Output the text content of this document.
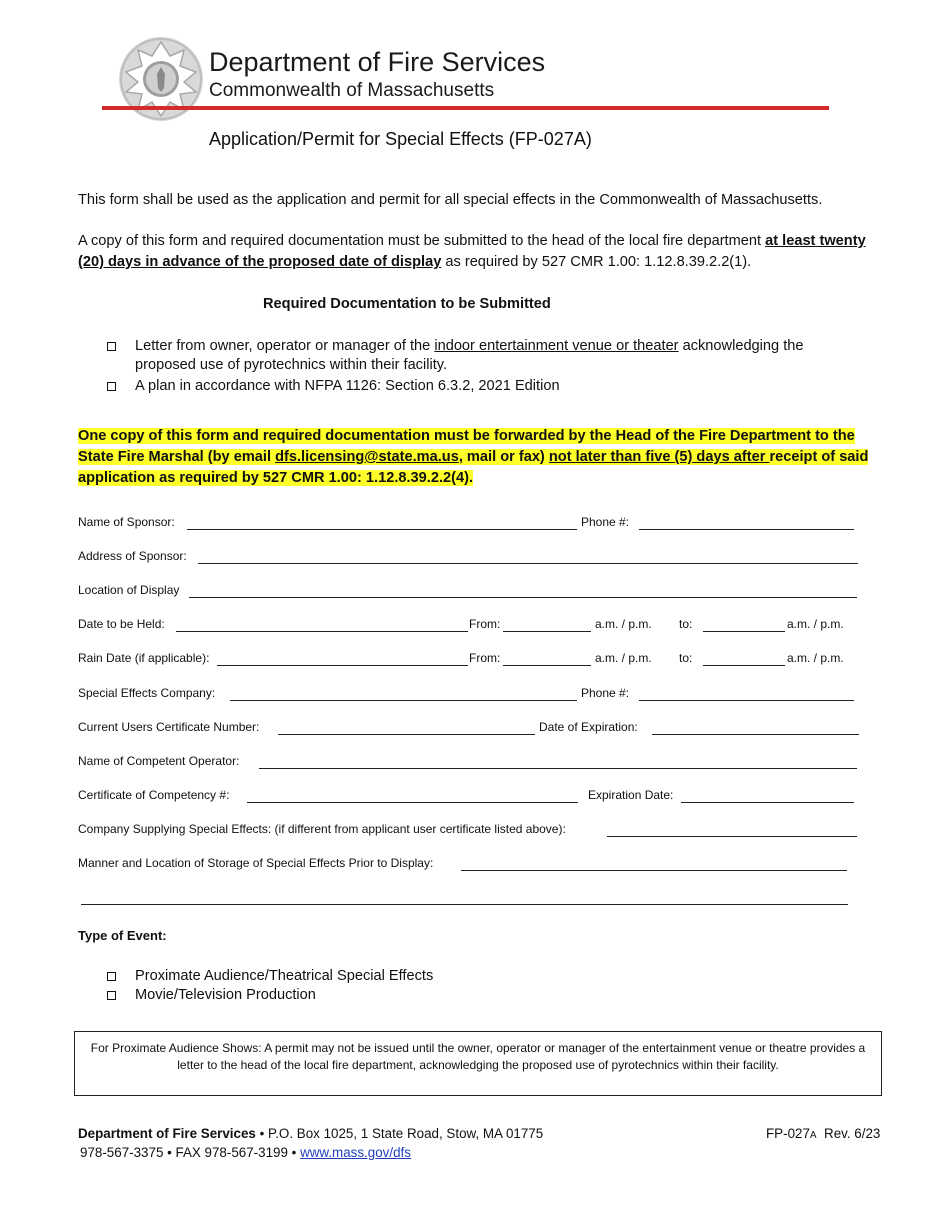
Department of Fire Services
Commonwealth of Massachusetts
Application/Permit for Special Effects (FP-027A)
This form shall be used as the application and permit for all special effects in the Commonwealth of Massachusetts.
A copy of this form and required documentation must be submitted to the head of the local fire department at least twenty (20) days in advance of the proposed date of display as required by 527 CMR 1.00: 1.12.8.39.2.2(1).
Required Documentation to be Submitted
Letter from owner, operator or manager of the indoor entertainment venue or theater acknowledging the proposed use of pyrotechnics within their facility.
A plan in accordance with NFPA 1126: Section 6.3.2, 2021 Edition
One copy of this form and required documentation must be forwarded by the Head of the Fire Department to the State Fire Marshal (by email dfs.licensing@state.ma.us, mail or fax) not later than five (5) days after receipt of said application as required by 527 CMR 1.00: 1.12.8.39.2.2(4).
Name of Sponsor:	Phone #:
Address of Sponsor:
Location of Display
Date to be Held:	From:	a.m. / p.m. to:	a.m. / p.m.
Rain Date (if applicable):	From:	a.m. / p.m. to:	a.m. / p.m.
Special Effects Company:	Phone #:
Current Users Certificate Number:	Date of Expiration:
Name of Competent Operator:
Certificate of Competency #:	Expiration Date:
Company Supplying Special Effects: (if different from applicant user certificate listed above):
Manner and Location of Storage of Special Effects Prior to Display:
Type of Event:
Proximate Audience/Theatrical Special Effects
Movie/Television Production
For Proximate Audience Shows: A permit may not be issued until the owner, operator or manager of the entertainment venue or theatre provides a letter to the head of the local fire department, acknowledging the proposed use of pyrotechnics within their facility.
Department of Fire Services • P.O. Box 1025, 1 State Road, Stow, MA 01775
978-567-3375 • FAX 978-567-3199 • www.mass.gov/dfs
FP-027A Rev. 6/23
